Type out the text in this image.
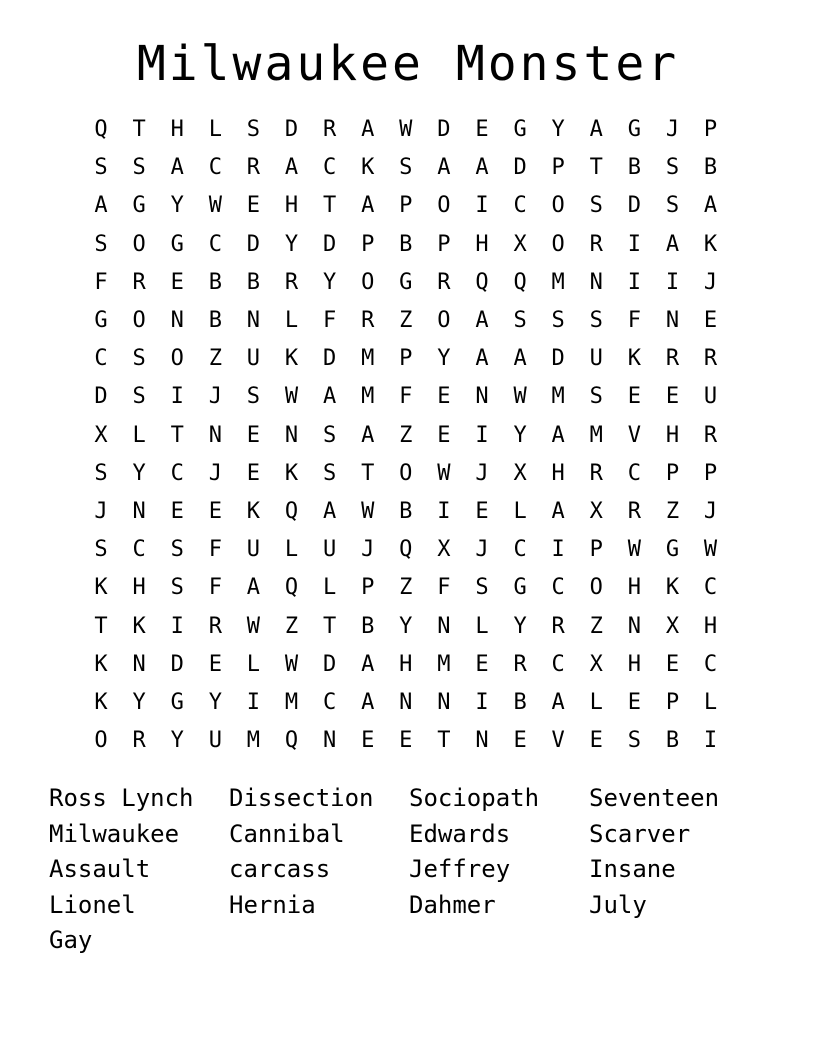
Milwaukee Monster
Q	T	H	L	S	D	R	A	W	D	E	G	Y	A	G	J	P
S	S	A	C	R	A	C	K	S	A	A	D	P	T	B	S	B
A	G	Y	W	E	H	T	A	P	O	I	C	O	S	D	S	A
S	O	G	C	D	Y	D	P	B	P	H	X	O	R	I	A	K
F	R	E	B	B	R	Y	O	G	R	Q	Q	M	N	I	I	J
G	O	N	B	N	L	F	R	Z	O	A	S	S	S	F	N	E
C	S	O	Z	U	K	D	M	P	Y	A	A	D	U	K	R	R
D	S	I	J	S	W	A	M	F	E	N	W	M	S	E	E	U
X	L	T	N	E	N	S	A	Z	E	I	Y	A	M	V	H	R
S	Y	C	J	E	K	S	T	O	W	J	X	H	R	C	P	P
J	N	E	E	K	Q	A	W	B	I	E	L	A	X	R	Z	J
S	C	S	F	U	L	U	J	Q	X	J	C	I	P	W	G	W
K	H	S	F	A	Q	L	P	Z	F	S	G	C	O	H	K	C
T	K	I	R	W	Z	T	B	Y	N	L	Y	R	Z	N	X	H
K	N	D	E	L	W	D	A	H	M	E	R	C	X	H	E	C
K	Y	G	Y	I	M	C	A	N	N	I	B	A	L	E	P	L
O	R	Y	U	M	Q	N	E	E	T	N	E	V	E	S	B	I
Ross Lynch	Dissection	Sociopath	Seventeen
Milwaukee	Cannibal	Edwards	Scarver
Assault	carcass	Jeffrey	Insane
Lionel	Hernia	Dahmer	July
Gay
